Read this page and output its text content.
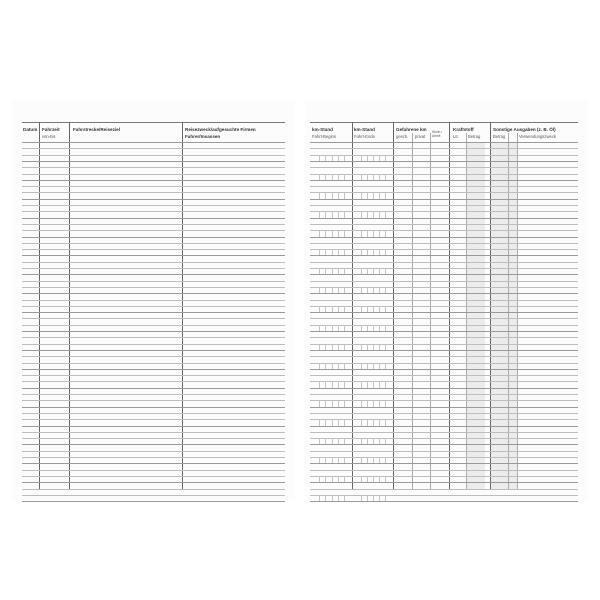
Datum Fahrzeit
von-bis
Fahrstrecke/Reiseziel	Reisezweck/aufgesuchte Firmen
Fahrer/Insassen
km-Stand
Fahrt-Beginn
km-Stand
Fahrt-Ende
Gefahrene km
gesch. privat
Wohn./ Arbeit
Kraftstoff
Ltr. Betrag
Sonstige Ausgaben (z. B. Öl)
Betrag	Verwendungszweck
